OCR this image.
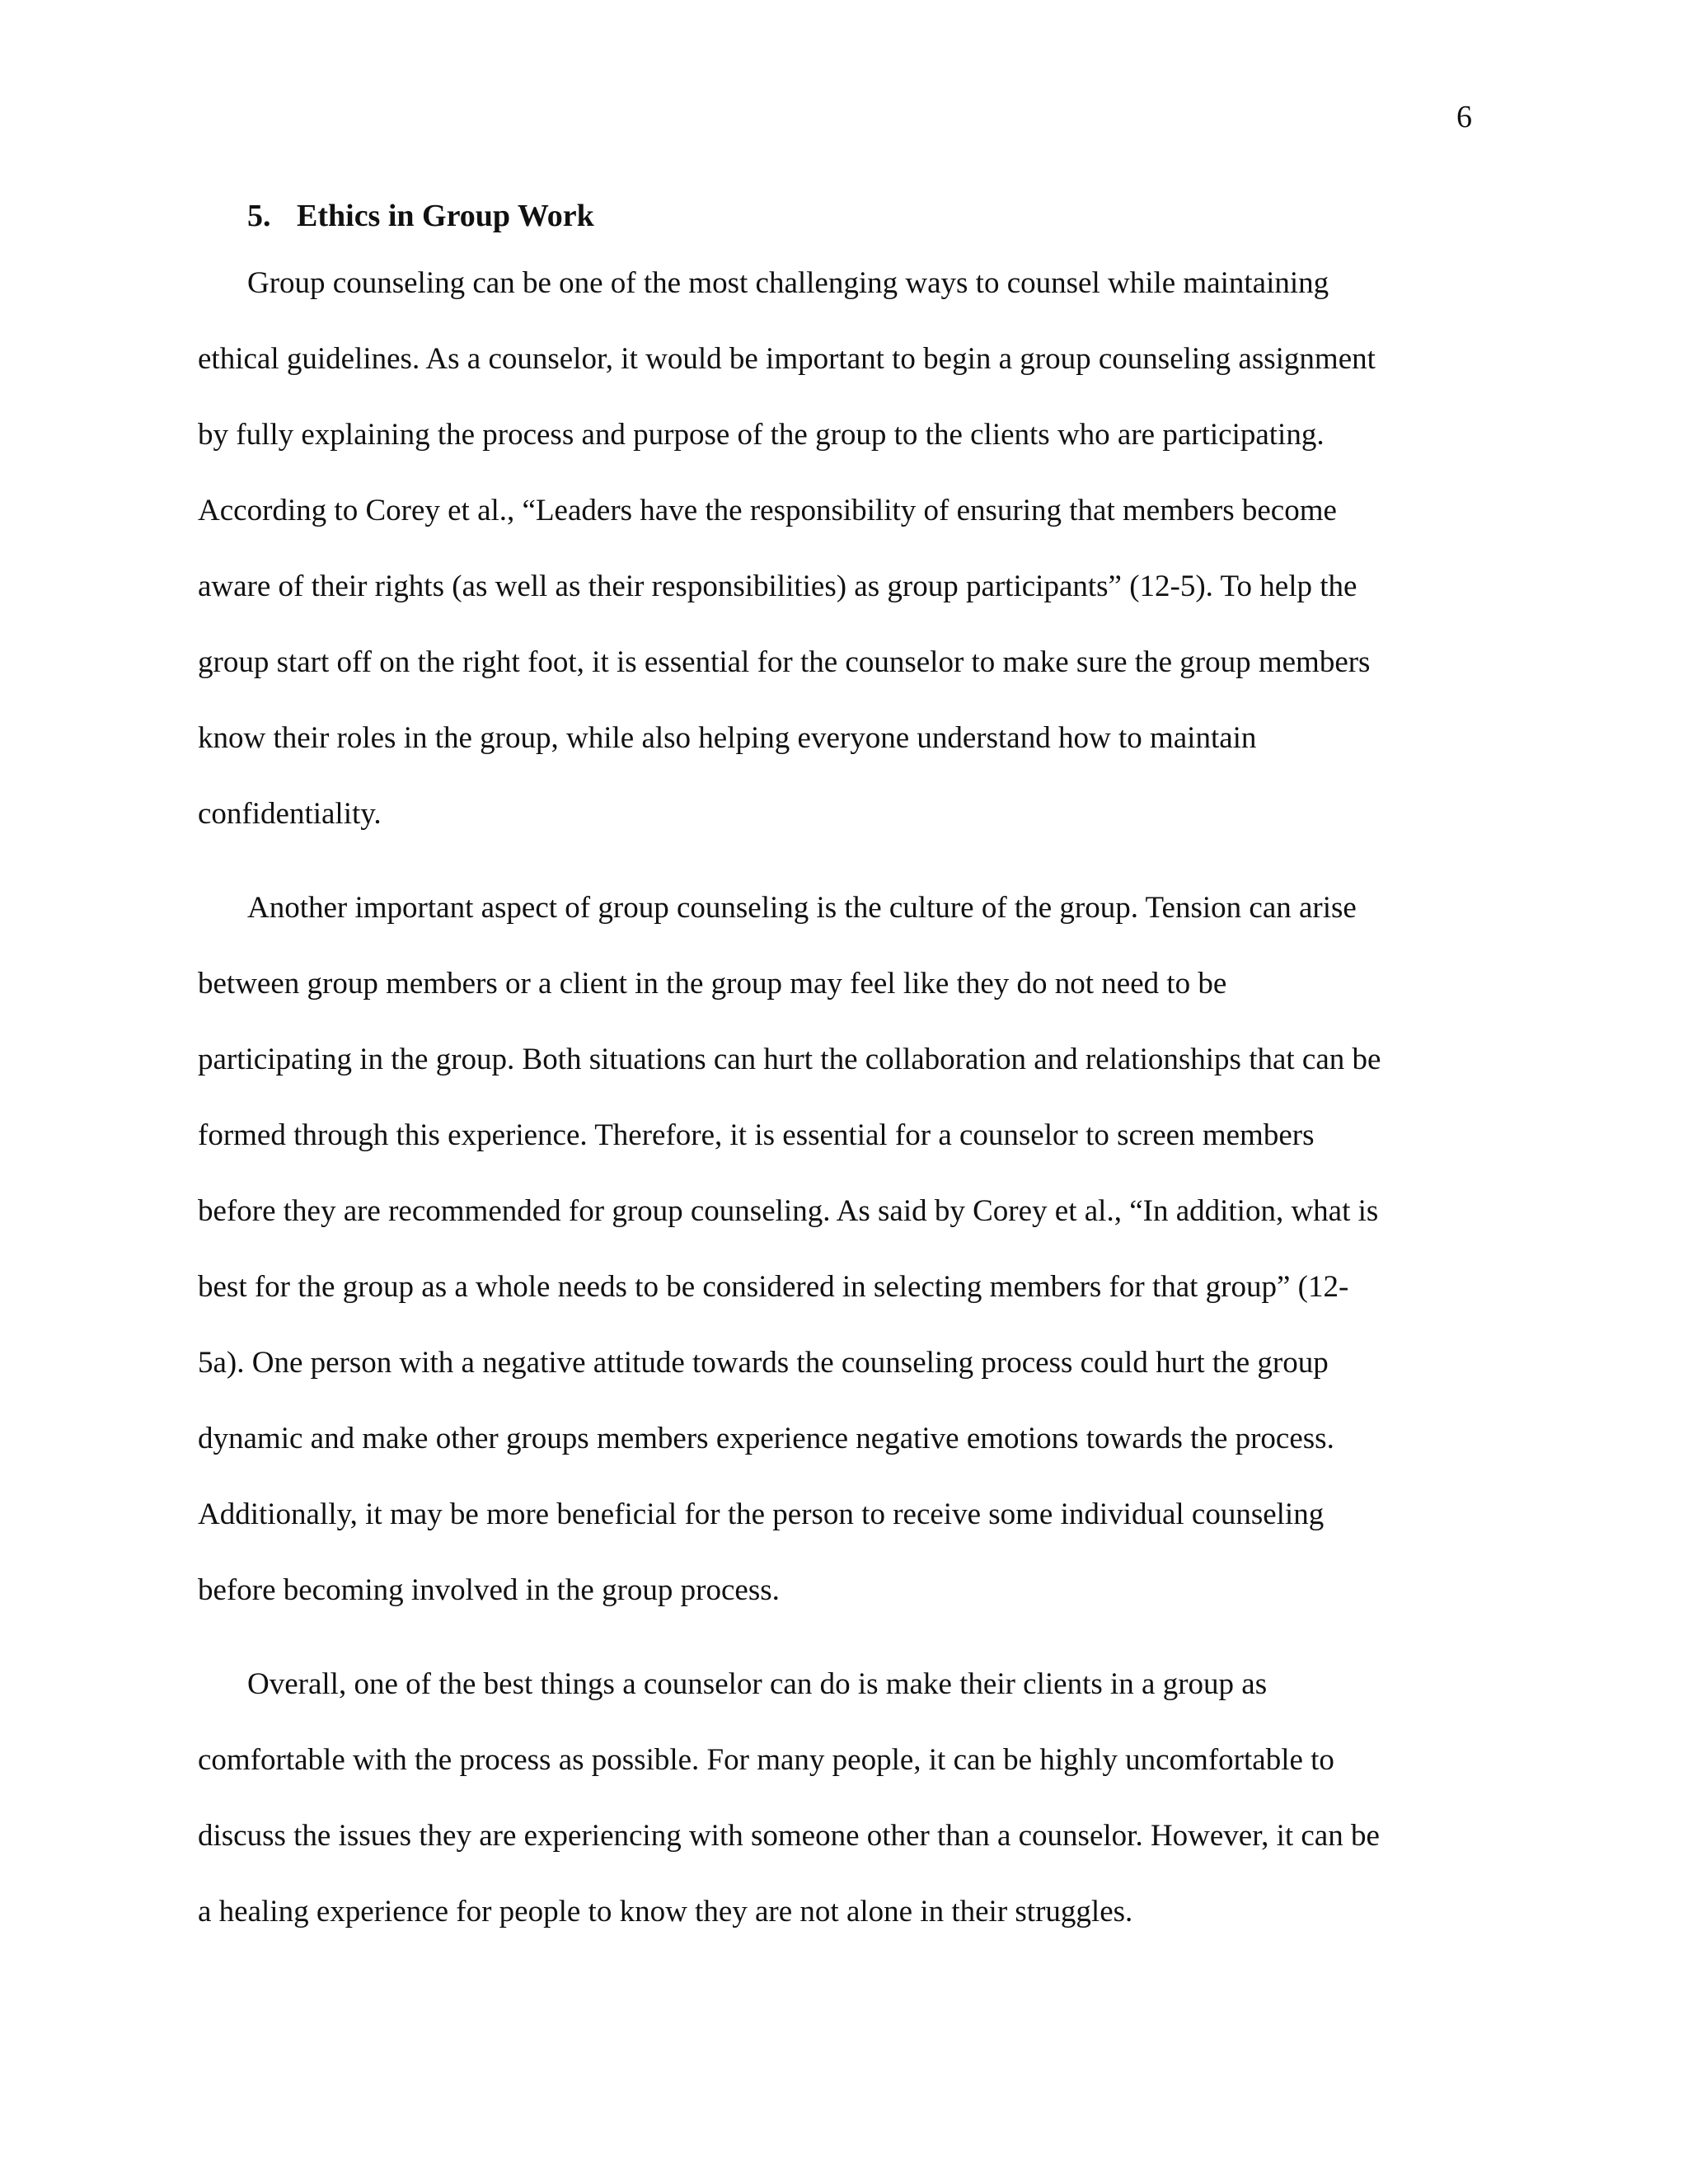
6
5. Ethics in Group Work

Group counseling can be one of the most challenging ways to counsel while maintaining
ethical guidelines. As a counselor, it would be important to begin a group counseling assignment
by fully explaining the process and purpose of the group to the clients who are participating.
According to Corey et al., “Leaders have the responsibility of ensuring that members become
aware of their rights (as well as their responsibilities) as group participants” (12-5). To help the
group start off on the right foot, it is essential for the counselor to make sure the group members
know their roles in the group, while also helping everyone understand how to maintain
confidentiality.

Another important aspect of group counseling is the culture of the group. Tension can arise
between group members or a client in the group may feel like they do not need to be
participating in the group. Both situations can hurt the collaboration and relationships that can be
formed through this experience. Therefore, it is essential for a counselor to screen members
before they are recommended for group counseling. As said by Corey et al., “In addition, what is
best for the group as a whole needs to be considered in selecting members for that group” (12-
5a). One person with a negative attitude towards the counseling process could hurt the group
dynamic and make other groups members experience negative emotions towards the process.
Additionally, it may be more beneficial for the person to receive some individual counseling
before becoming involved in the group process.

Overall, one of the best things a counselor can do is make their clients in a group as
comfortable with the process as possible. For many people, it can be highly uncomfortable to
discuss the issues they are experiencing with someone other than a counselor. However, it can be
a healing experience for people to know they are not alone in their struggles.
